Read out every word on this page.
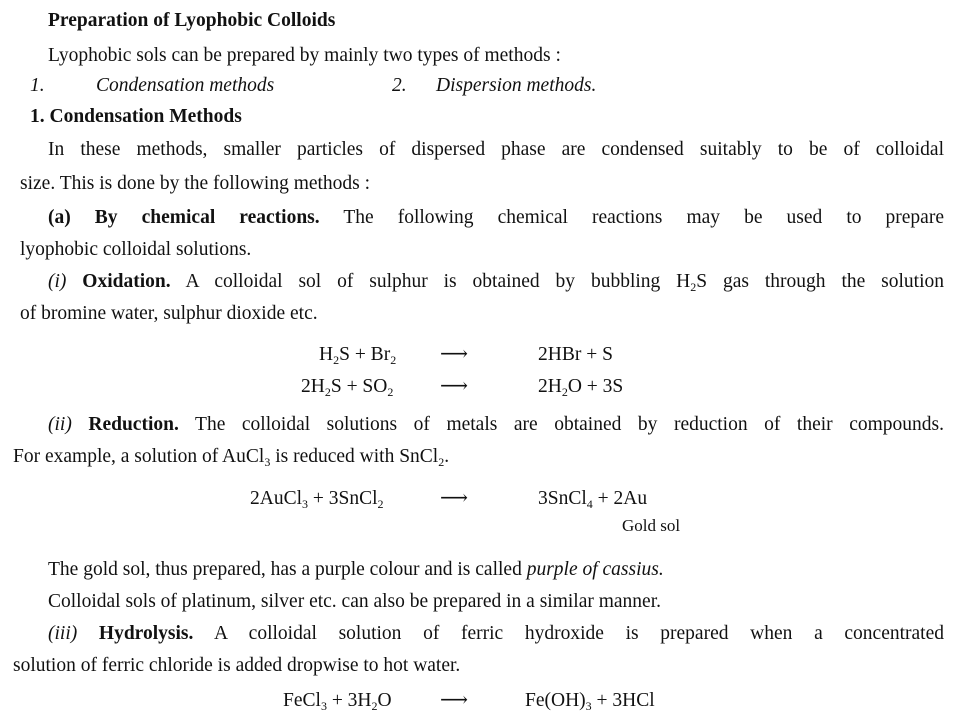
Preparation of Lyophobic Colloids
Lyophobic sols can be prepared by mainly two types of methods :
1.	Condensation methods	2. Dispersion methods.
1. Condensation Methods
In these methods, smaller particles of dispersed phase are condensed suitably to be of colloidal
size. This is done by the following methods :
(a) By chemical reactions. The following chemical reactions may be used to prepare
lyophobic colloidal solutions.
(i) Oxidation. A colloidal sol of sulphur is obtained by bubbling $H_2S$ gas through the solution
of bromine water, sulphur dioxide etc.
$H_2S + Br_2$ ⟶	2HBr + S
$2H_2S + SO_2$ ⟶	$2H_2O + 3S$
(ii) Reduction. The colloidal solutions of metals are obtained by reduction of their compounds.
For example, a solution of AuCl$_3$ is reduced with SnCl$_2$.
2AuCl$_3$ + 3SnCl$_2$	⟶	3SnCl$_4$ + 2Au
Gold sol
The gold sol, thus prepared, has a purple colour and is called purple of cassius.
Colloidal sols of platinum, silver etc. can also be prepared in a similar manner.
(iii) Hydrolysis. A colloidal solution of ferric hydroxide is prepared when a concentrated
solution of ferric chloride is added dropwise to hot water.
FeCl$_3$ + $3H_2O$ ⟶	$Fe(OH)_3 + 3HCl$
